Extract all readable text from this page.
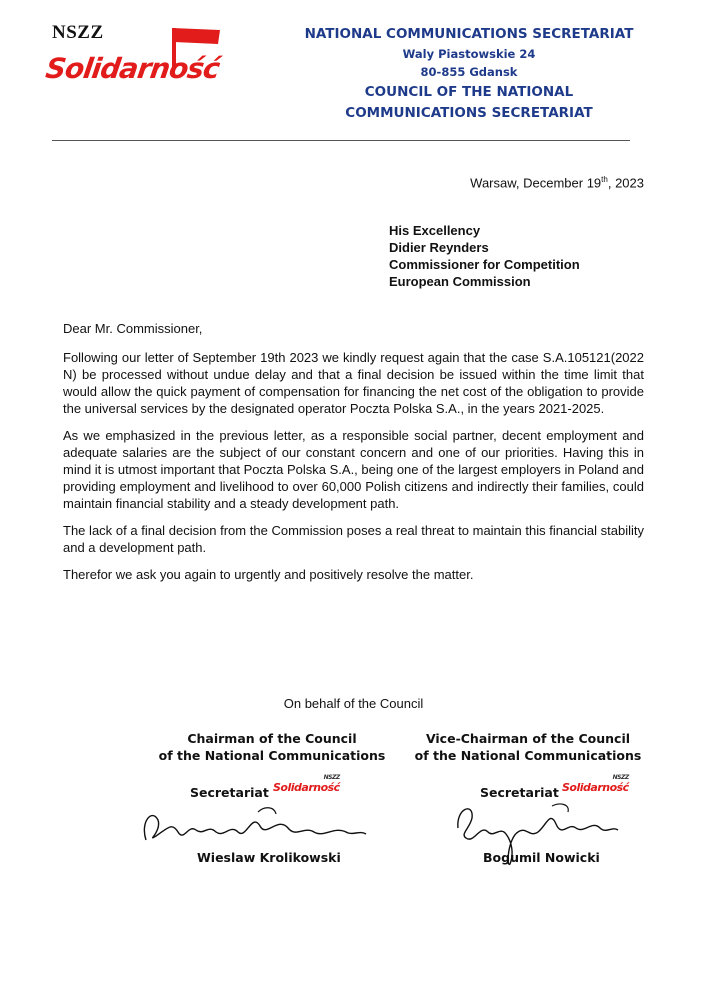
NSZZ
Solidarność
NATIONAL COMMUNICATIONS SECRETARIAT
Waly Piastowskie 24
80-855 Gdansk
COUNCIL OF THE NATIONAL
COMMUNICATIONS SECRETARIAT
Warsaw, December 19th, 2023
His Excellency
Didier Reynders
Commissioner for Competition
European Commission
Dear Mr. Commissioner,

Following our letter of September 19th 2023 we kindly request again that the case S.A.105121(2022 N) be processed without undue delay and that a final decision be issued within the time limit that would allow the quick payment of compensation for financing the net cost of the obligation to provide the universal services by the designated operator Poczta Polska S.A., in the years 2021-2025.

As we emphasized in the previous letter, as a responsible social partner, decent employment and adequate salaries are the subject of our constant concern and one of our priorities. Having this in mind it is utmost important that Poczta Polska S.A., being one of the largest employers in Poland and providing employment and livelihood to over 60,000 Polish citizens and indirectly their families, could maintain financial stability and a steady development path.

The lack of a final decision from the Commission poses a real threat to maintain this financial stability and a development path.

Therefor we ask you again to urgently and positively resolve the matter.

On behalf of the Council
Chairman of the Council
of the National Communications
Secretariat
NSZZ
Solidarność
Wieslaw Krolikowski
Vice-Chairman of the Council
of the National Communications
Secretariat
NSZZ
Solidarność
Bogumil Nowicki
